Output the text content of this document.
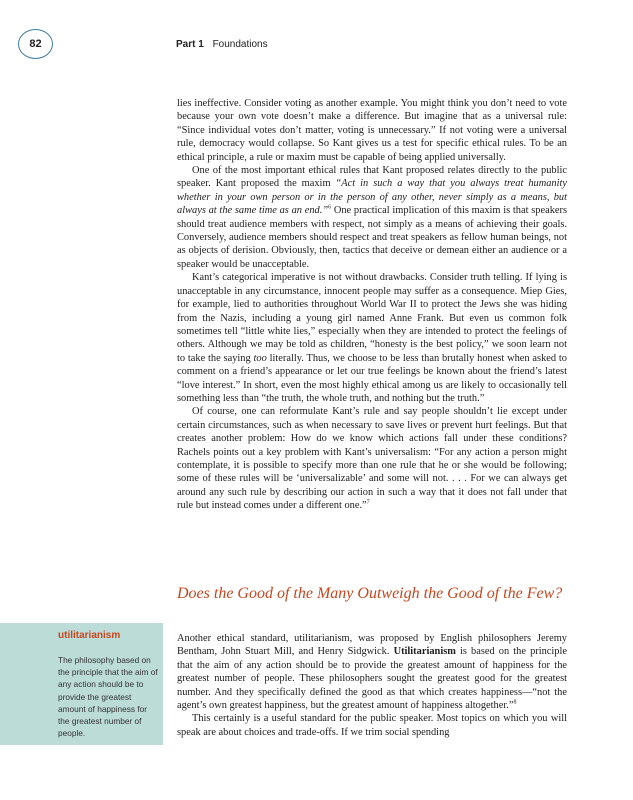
82	Part 1 Foundations

lies ineffective. Consider voting as another example. You might think you don’t need to vote because your own vote doesn’t make a difference. But imagine that as a universal rule: “Since individual votes don’t matter, voting is unnecessary.” If not voting were a universal rule, democracy would collapse. So Kant gives us a test for specific ethical rules. To be an ethical principle, a rule or maxim must be capable of being applied universally.

One of the most important ethical rules that Kant proposed relates directly to the public speaker. Kant proposed the maxim “Act in such a way that you always treat humanity whether in your own person or in the person of any other, never simply as a means, but always at the same time as an end.”$^6$ One practical implication of this maxim is that speakers should treat audience members with respect, not simply as a means of achieving their goals. Conversely, audience members should respect and treat speakers as fellow human beings, not as objects of derision. Obviously, then, tactics that deceive or demean either an audience or a speaker would be unacceptable.

Kant’s categorical imperative is not without drawbacks. Consider truth telling. If lying is unacceptable in any circumstance, innocent people may suffer as a consequence. Miep Gies, for example, lied to authorities throughout World War II to protect the Jews she was hiding from the Nazis, including a young girl named Anne Frank. But even us common folk sometimes tell “little white lies,” especially when they are intended to protect the feelings of others. Although we may be told as children, “honesty is the best policy,” we soon learn not to take the saying too literally. Thus, we choose to be less than brutally honest when asked to comment on a friend’s appearance or let our true feelings be known about the friend’s latest “love interest.” In short, even the most highly ethical among us are likely to occasionally tell something less than “the truth, the whole truth, and nothing but the truth.”

Of course, one can reformulate Kant’s rule and say people shouldn’t lie except under certain circumstances, such as when necessary to save lives or prevent hurt feelings. But that creates another problem: How do we know which actions fall under these conditions? Rachels points out a key problem with Kant’s universalism: “For any action a person might contemplate, it is possible to specify more than one rule that he or she would be following; some of these rules will be ‘universalizable’ and some will not. . . . For we can always get around any such rule by describing our action in such a way that it does not fall under that rule but instead comes under a different one.”$^7$

Does the Good of the Many Outweigh the Good of the Few?
utilitarianism
The philosophy based on the principle that the aim of any action should be to provide the greatest amount of happiness for the greatest number of people.

Another ethical standard, utilitarianism, was proposed by English philosophers Jeremy Bentham, John Stuart Mill, and Henry Sidgwick. Utilitarianism is based on the principle that the aim of any action should be to provide the greatest amount of happiness for the greatest number of people. These philosophers sought the greatest good for the greatest number. And they specifically defined the good as that which creates happiness—“not the agent’s own greatest happiness, but the greatest amount of happiness altogether.”$^8$

This certainly is a useful standard for the public speaker. Most topics on which you will speak are about choices and trade-offs. If we trim social spending
